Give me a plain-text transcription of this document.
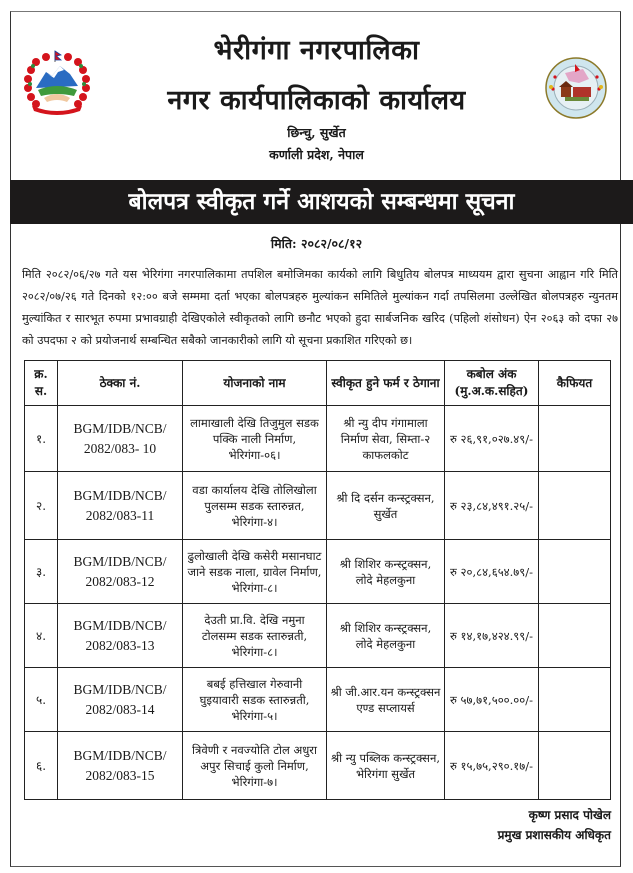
भेरीगंगा नगरपालिका
नगर कार्यपालिकाको कार्यालय
छिन्चु, सुर्खेत
कर्णाली प्रदेश, नेपाल
बोलपत्र स्वीकृत गर्ने आशयको सम्बन्धमा सूचना
मिति: २०८२/०८/१२
मिति २०८२/०६/२७ गते यस भेरिगंगा नगरपालिकामा तपशिल बमोजिमका कार्यको लागि बिधुतिय बोलपत्र माध्ययम द्वारा सुचना आह्वान गरि मिति २०८२/०७/२६ गते दिनको १२:०० बजे सम्ममा दर्ता भएका बोलपत्रहरु मुल्यांकन समितिले मुल्यांकन गर्दा तपसिलमा उल्लेखित बोलपत्रहरु न्युनतम मुल्यांकित र सारभूत रुपमा प्रभावग्राही देखिएकोले स्वीकृतको लागि छनौट भएको हुदा सार्बजनिक खरिद (पहिलो शंसोधन) ऐन २०६३ को दफा २७ को उपदफा २ को प्रयोजनार्थ सम्बन्धित सबैको जानकारीको लागि यो सूचना प्रकाशित गरिएको छ।
क्र. स.	ठेक्का नं.	योजनाको नाम	स्वीकृत हुने फर्म र ठेगाना	कबोल अंक (मु.अ.क.सहित)	कैफियत
१.	BGM/IDB/NCB/ 2082/083- 10	लामाखाली देखि तिजुमुल सडक पक्कि नाली निर्माण, भेरिगंगा-०६।	श्री न्यु दीप गंगामाला निर्माण सेवा, सिम्ता-२ काफलकोट	रु २६,९१,०२७.४९/-	
२.	BGM/IDB/NCB/ 2082/083-11	वडा कार्यालय देखि तोलिखोला पुलसम्म सडक स्तारुन्नत, भेरिगंगा-४।	श्री दि दर्सन कन्स्ट्रक्सन, सुर्खेत	रु २३,८४,४९१.२५/-	
३.	BGM/IDB/NCB/ 2082/083-12	ढुलोखाली देखि कसेरी मसानघाट जाने सडक नाला, ग्रावेल निर्माण, भेरिगंगा-८।	श्री शिशिर कन्स्ट्रक्सन, लोदे मेहलकुना	रु २०,८४,६५४.७९/-	
४.	BGM/IDB/NCB/ 2082/083-13	देउती प्रा.वि. देखि नमुना टोलसम्म सडक स्तारुन्नती, भेरिगंगा-८।	श्री शिशिर कन्स्ट्रक्सन, लोदे मेहलकुना	रु १४,१७,४२४.९९/-	
५.	BGM/IDB/NCB/ 2082/083-14	बबई हत्तिखाल गेरुवानी घुइयावारी सडक स्तारुन्नती, भेरिगंगा-५।	श्री जी.आर.यन कन्स्ट्रक्सन एण्ड सप्लायर्स	रु ५७,७१,५००.००/-	
६.	BGM/IDB/NCB/ 2082/083-15	त्रिवेणी र नवज्योति टोल अधुरा अपुर सिचाई कुलो निर्माण, भेरिगंगा-७।	श्री न्यु पब्लिक कन्स्ट्रक्सन, भेरिगंगा सुर्खेत	रु १५,७५,२९०.१७/-	
कृष्ण प्रसाद पोखेल
प्रमुख प्रशासकीय अधिकृत
